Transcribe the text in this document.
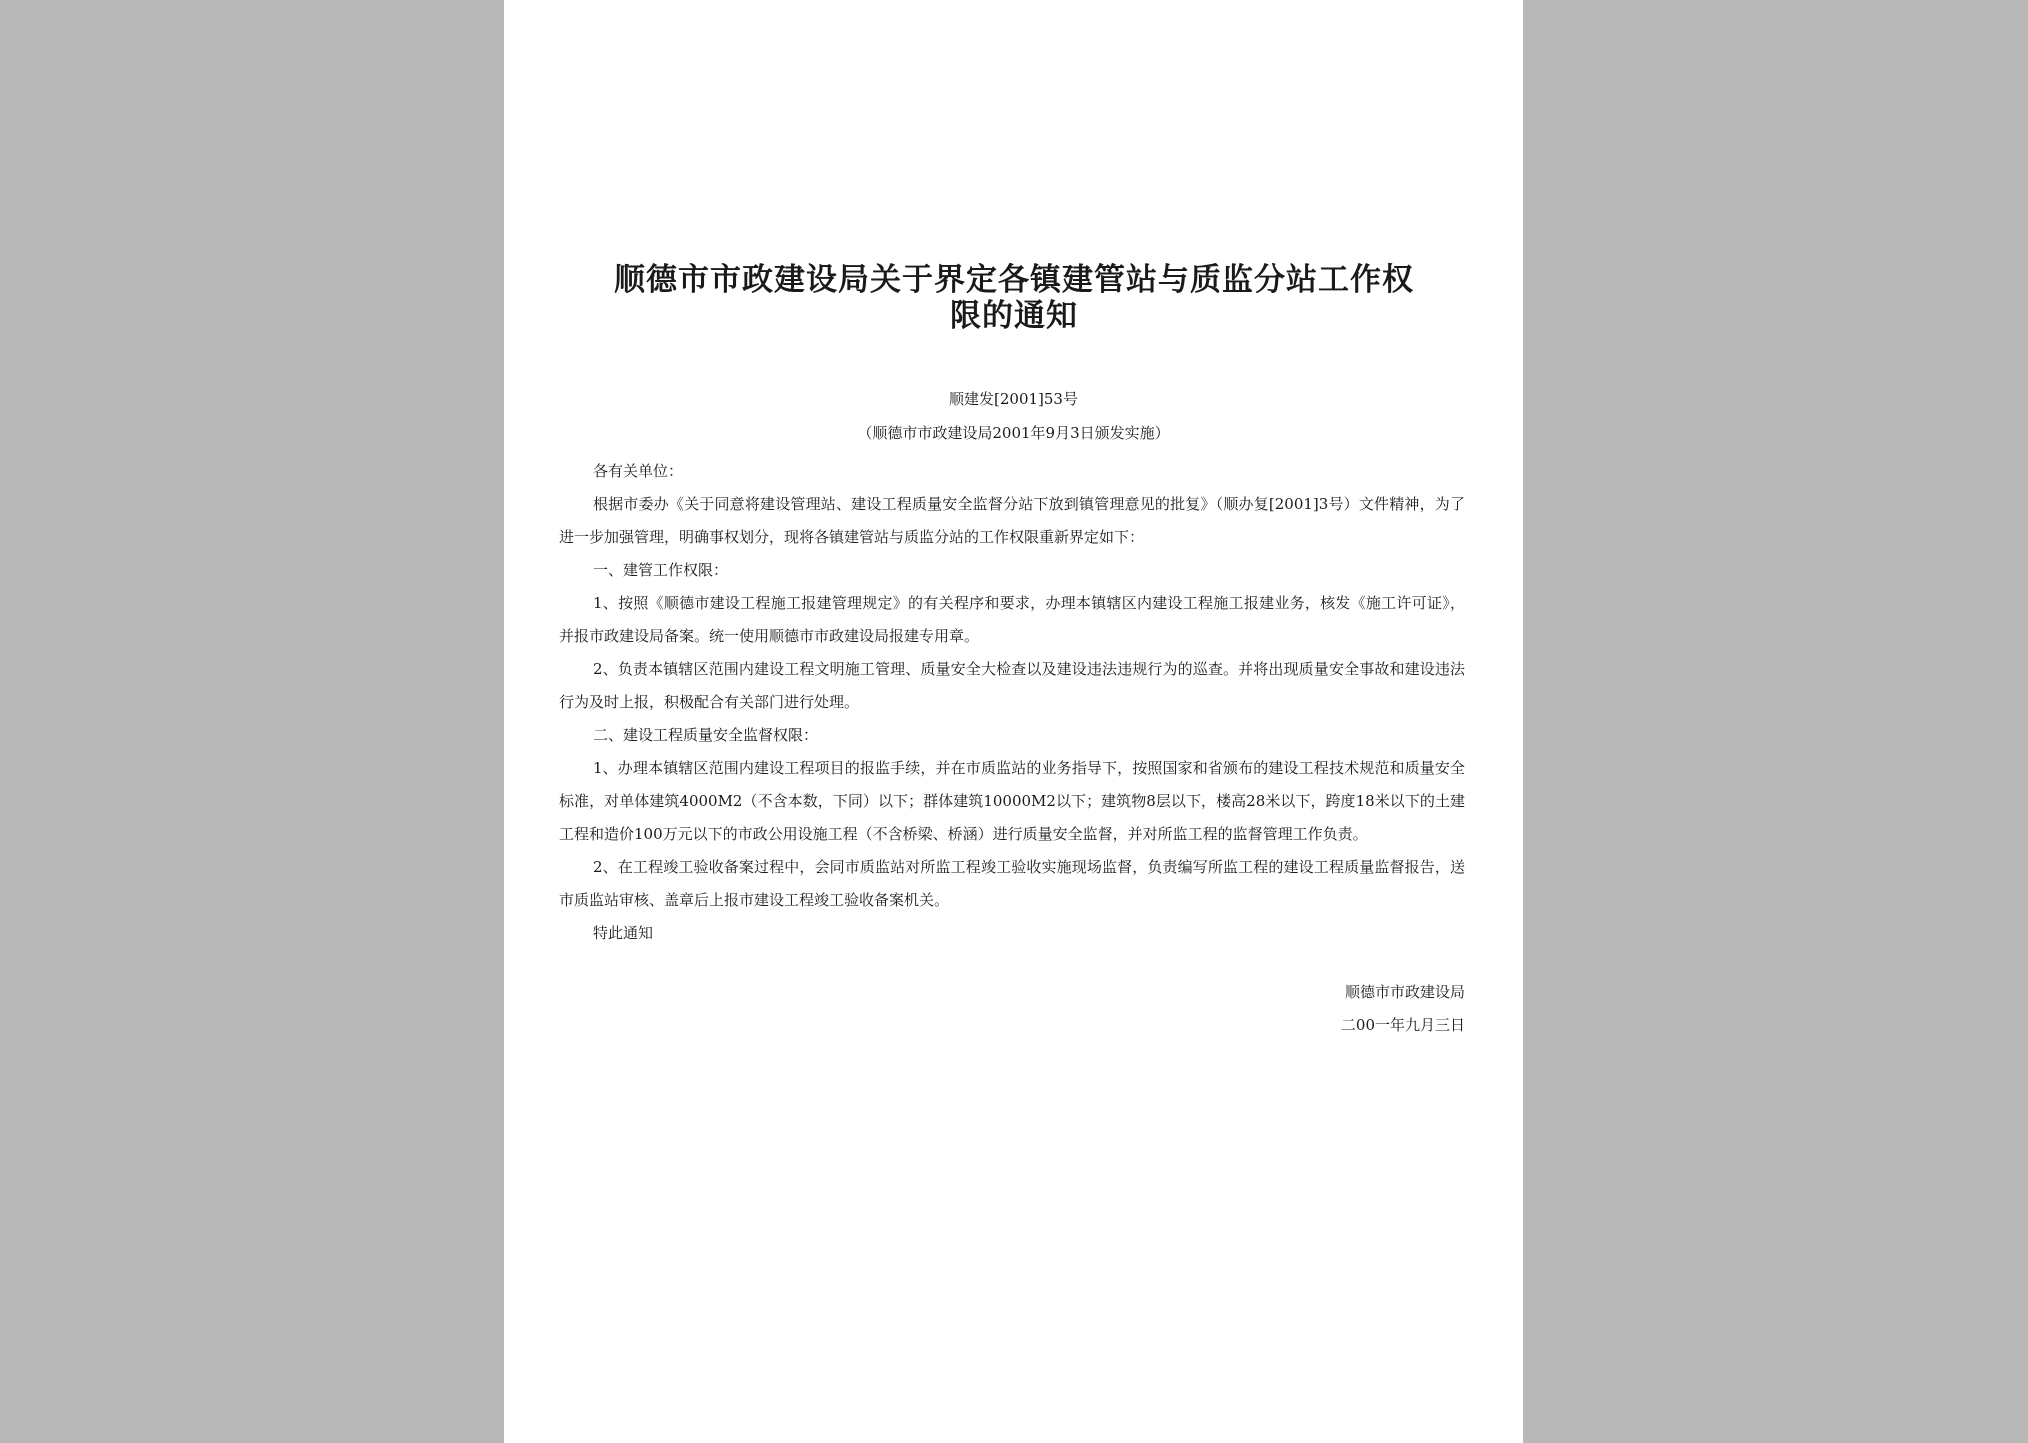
顺德市市政建设局关于界定各镇建管站与质监分站工作权限的通知
顺建发[2001]53号
（顺德市市政建设局2001年9月3日颁发实施）

各有关单位：

根据市委办《关于同意将建设管理站、建设工程质量安全监督分站下放到镇管理意见的批复》（顺办复[2001]3号）文件精神，为了进一步加强管理，明确事权划分，现将各镇建管站与质监分站的工作权限重新界定如下：

一、建管工作权限：

1、按照《顺德市建设工程施工报建管理规定》的有关程序和要求，办理本镇辖区内建设工程施工报建业务，核发《施工许可证》，并报市政建设局备案。统一使用顺德市市政建设局报建专用章。

2、负责本镇辖区范围内建设工程文明施工管理、质量安全大检查以及建设违法违规行为的巡查。并将出现质量安全事故和建设违法行为及时上报，积极配合有关部门进行处理。

二、建设工程质量安全监督权限：

1、办理本镇辖区范围内建设工程项目的报监手续，并在市质监站的业务指导下，按照国家和省颁布的建设工程技术规范和质量安全标准，对单体建筑4000M2（不含本数，下同）以下；群体建筑10000M2以下；建筑物8层以下，楼高28米以下，跨度18米以下的土建工程和造价100万元以下的市政公用设施工程（不含桥梁、桥涵）进行质量安全监督，并对所监工程的监督管理工作负责。

2、在工程竣工验收备案过程中，会同市质监站对所监工程竣工验收实施现场监督，负责编写所监工程的建设工程质量监督报告，送市质监站审核、盖章后上报市建设工程竣工验收备案机关。

特此通知

顺德市市政建设局
二00一年九月三日
